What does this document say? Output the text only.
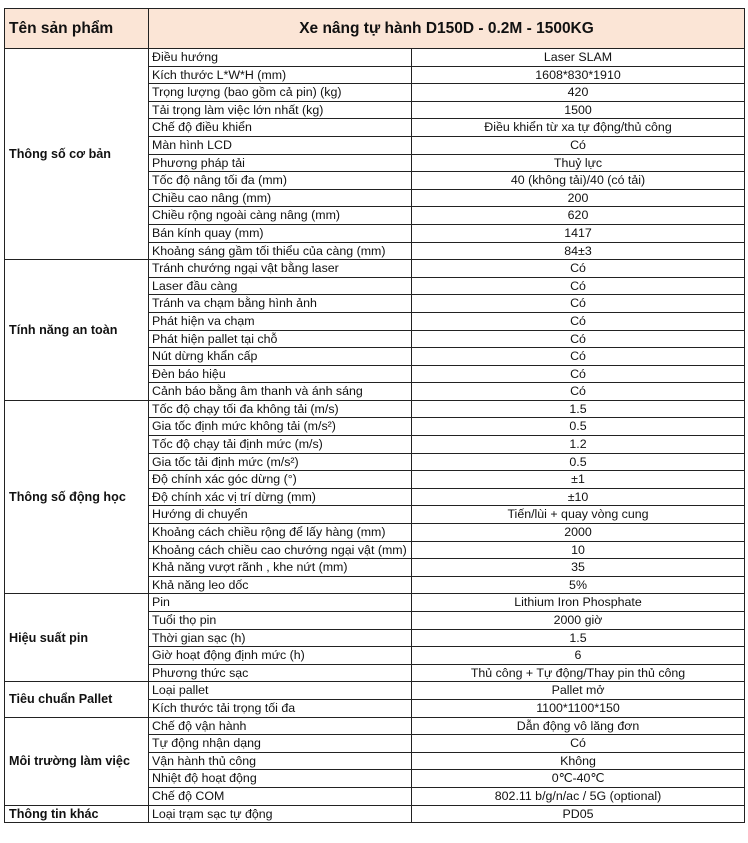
Tên sản phẩm	Xe nâng tự hành D150D - 0.2M - 1500KG	
Thông số cơ bản	Điều hướng	Laser SLAM
	Kích thước L*W*H (mm)	1608*830*1910
	Trọng lượng (bao gồm cả pin) (kg)	420
	Tải trọng làm việc lớn nhất (kg)	1500
	Chế độ điều khiển	Điều khiển từ xa tự động/thủ công
	Màn hình LCD	Có
	Phương pháp tải	Thuỷ lực
	Tốc độ nâng tối đa (mm)	40 (không tải)/40 (có tải)
	Chiều cao nâng (mm)	200
	Chiều rộng ngoài càng nâng (mm)	620
	Bán kính quay (mm)	1417
	Khoảng sáng gầm tối thiểu của càng (mm)	84±3
Tính năng an toàn	Tránh chướng ngại vật bằng laser	Có
	Laser đầu càng	Có
	Tránh va chạm bằng hình ảnh	Có
	Phát hiện va chạm	Có
	Phát hiện pallet tại chỗ	Có
	Nút dừng khẩn cấp	Có
	Đèn báo hiệu	Có
	Cảnh báo bằng âm thanh và ánh sáng	Có
Thông số động học	Tốc độ chạy tối đa không tải (m/s)	1.5
	Gia tốc định mức không tải (m/s²)	0.5
	Tốc độ chạy tải định mức (m/s)	1.2
	Gia tốc tải định mức (m/s²)	0.5
	Độ chính xác góc dừng (°)	±1
	Độ chính xác vị trí dừng (mm)	±10
	Hướng di chuyển	Tiến/lùi + quay vòng cung
	Khoảng cách chiều rộng để lấy hàng (mm)	2000
	Khoảng cách chiều cao chướng ngại vật (mm)	10
	Khả năng vượt rãnh , khe nứt (mm)	35
	Khả năng leo dốc	5%
Hiệu suất pin	Pin	Lithium Iron Phosphate
	Tuổi thọ pin	2000 giờ
	Thời gian sạc (h)	1.5
	Giờ hoạt động định mức (h)	6
	Phương thức sạc	Thủ công + Tự động/Thay pin thủ công
Tiêu chuẩn Pallet	Loại pallet	Pallet mở
	Kích thước tải trọng tối đa	1100*1100*150
Môi trường làm việc	Chế độ vận hành	Dẫn động vô lăng đơn
	Tự động nhận dạng	Có
	Vận hành thủ công	Không
	Nhiệt độ hoạt động	0℃-40℃
	Chế độ COM	802.11 b/g/n/ac / 5G (optional)
Thông tin khác	Loại trạm sạc tự động	PD05
